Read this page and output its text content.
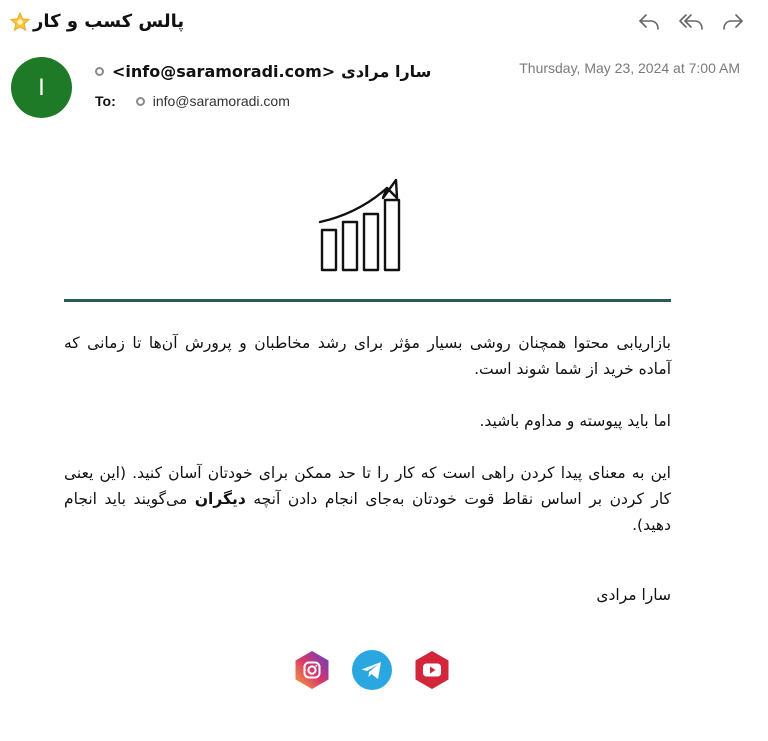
پالس کسب و کار
I
<info@saramoradi.com> سارا مرادی	Thursday, May 23, 2024 at 7:00 AM
To:	info@saramoradi.com

بازاریابی محتوا همچنان روشی بسیار مؤثر برای رشد مخاطبان و پرورش آن‌ها تا زمانی که آماده خرید از شما شوند است.

اما باید پیوسته و مداوم باشید.

این به معنای پیدا کردن راهی است که کار را تا حد ممکن برای خودتان آسان کنید. (این یعنی کار کردن بر اساس نقاط قوت خودتان به‌جای انجام دادن آنچه دیگران می‌گویند باید انجام دهید).

سارا مرادی
